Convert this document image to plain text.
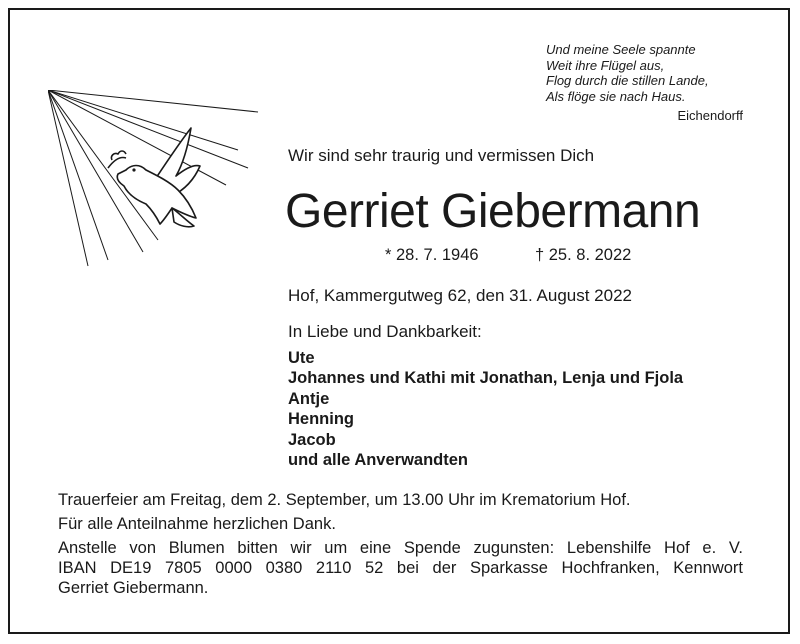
Und meine Seele spannte
Weit ihre Flügel aus,
Flog durch die stillen Lande,
Als flöge sie nach Haus.
Eichendorff
Wir sind sehr traurig und vermissen Dich
Gerriet Giebermann
* 28. 7. 1946	† 25. 8. 2022
Hof, Kammergutweg 62, den 31. August 2022
In Liebe und Dankbarkeit:
Ute
Johannes und Kathi mit Jonathan, Lenja und Fjola
Antje
Henning
Jacob
und alle Anverwandten
Trauerfeier am Freitag, dem 2. September, um 13.00 Uhr im Krematorium Hof.
Für alle Anteilnahme herzlichen Dank.
Anstelle von Blumen bitten wir um eine Spende zugunsten: Lebenshilfe Hof e. V.
IBAN DE19 7805 0000 0380 2110 52 bei der Sparkasse Hochfranken, Kennwort
Gerriet Giebermann.
